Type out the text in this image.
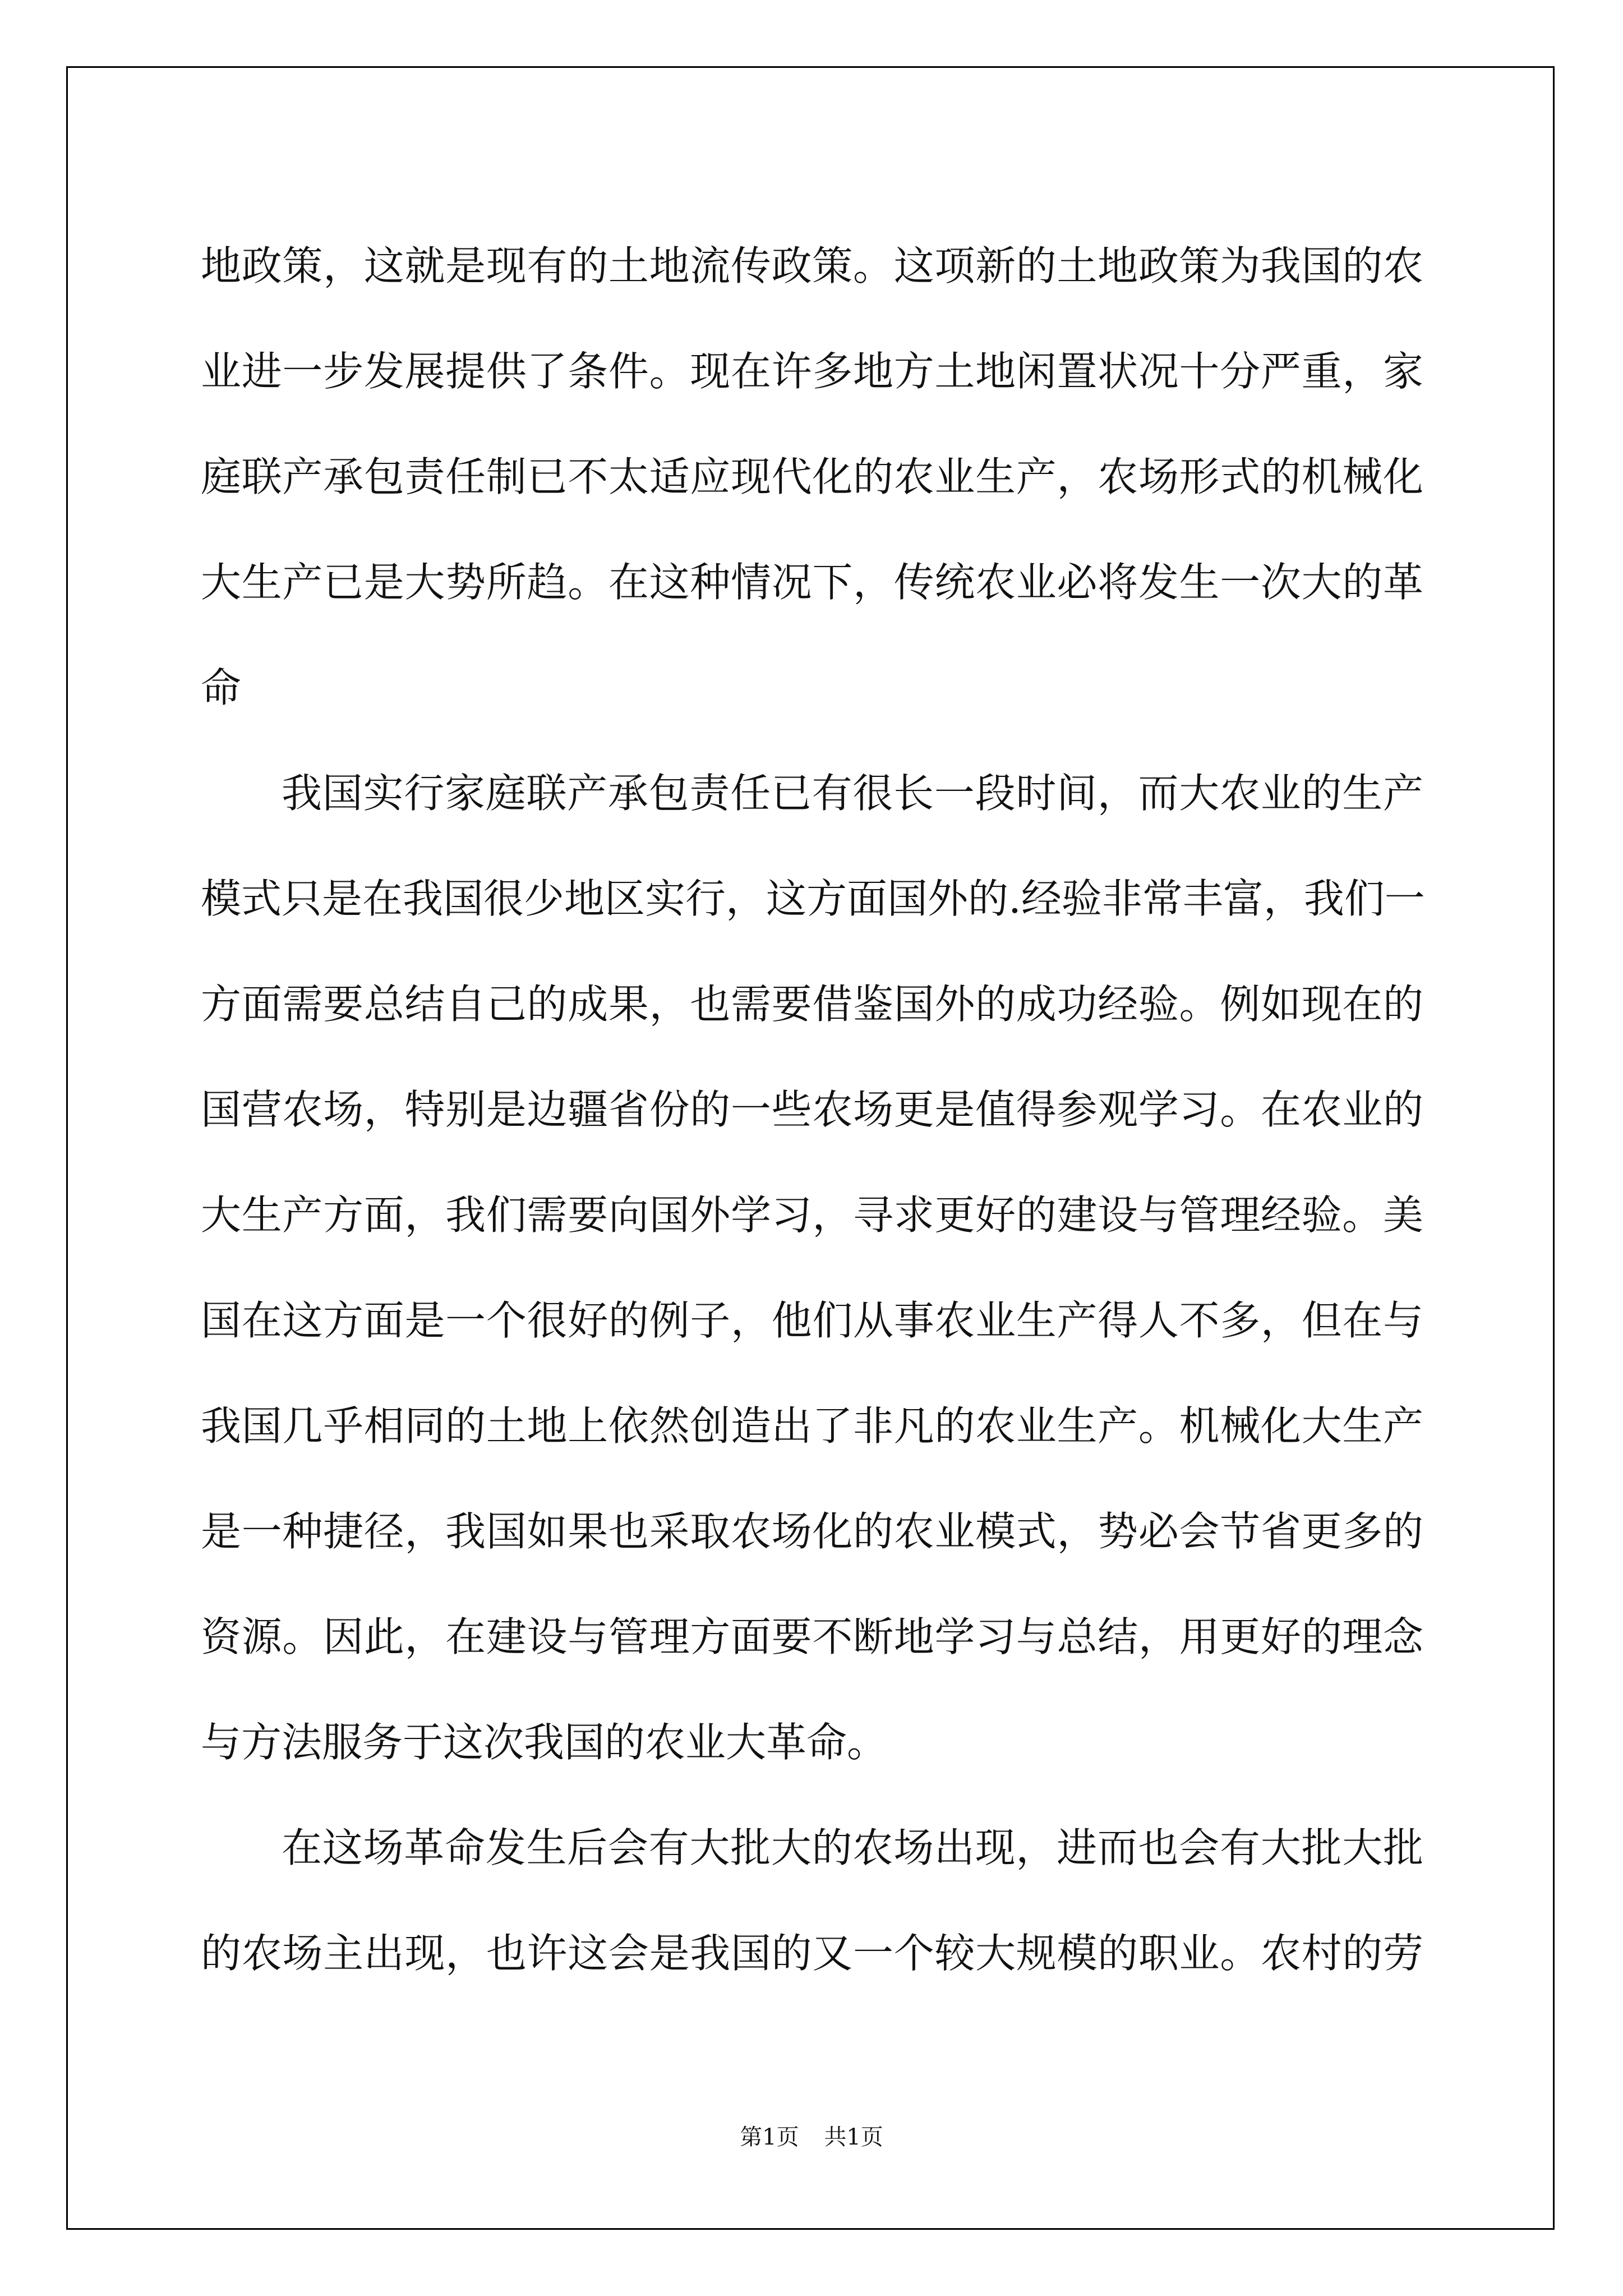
地政策，这就是现有的土地流传政策。这项新的土地政策为我国的农
业进一步发展提供了条件。现在许多地方土地闲置状况十分严重，家
庭联产承包责任制已不太适应现代化的农业生产，农场形式的机械化
大生产已是大势所趋。在这种情况下，传统农业必将发生一次大的革
命
我国实行家庭联产承包责任已有很长一段时间，而大农业的生产
模式只是在我国很少地区实行，这方面国外的.经验非常丰富，我们一
方面需要总结自己的成果，也需要借鉴国外的成功经验。例如现在的
国营农场，特别是边疆省份的一些农场更是值得参观学习。在农业的
大生产方面，我们需要向国外学习，寻求更好的建设与管理经验。美
国在这方面是一个很好的例子，他们从事农业生产得人不多，但在与
我国几乎相同的土地上依然创造出了非凡的农业生产。机械化大生产
是一种捷径，我国如果也采取农场化的农业模式，势必会节省更多的
资源。因此，在建设与管理方面要不断地学习与总结，用更好的理念
与方法服务于这次我国的农业大革命。
在这场革命发生后会有大批大的农场出现，进而也会有大批大批
的农场主出现，也许这会是我国的又一个较大规模的职业。农村的劳
第1页 共1页
